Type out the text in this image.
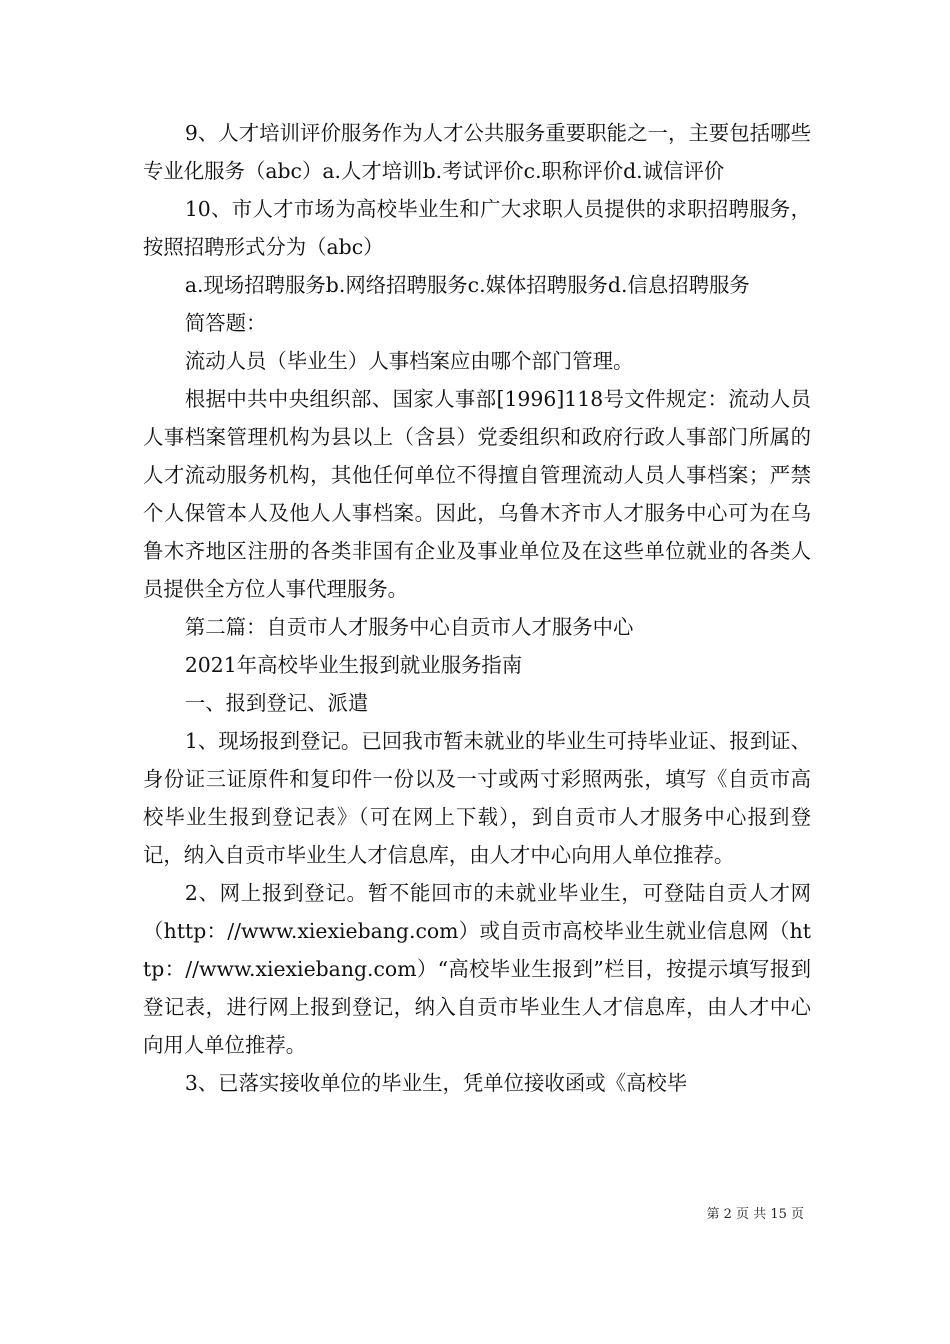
9、人才培训评价服务作为人才公共服务重要职能之一，主要包括哪些专业化服务（abc）a.人才培训b.考试评价c.职称评价d.诚信评价

10、市人才市场为高校毕业生和广大求职人员提供的求职招聘服务，按照招聘形式分为（abc）

a.现场招聘服务b.网络招聘服务c.媒体招聘服务d.信息招聘服务

简答题：

流动人员（毕业生）人事档案应由哪个部门管理。

根据中共中央组织部、国家人事部[1996]118号文件规定：流动人员人事档案管理机构为县以上（含县）党委组织和政府行政人事部门所属的人才流动服务机构，其他任何单位不得擅自管理流动人员人事档案；严禁个人保管本人及他人人事档案。因此，乌鲁木齐市人才服务中心可为在乌鲁木齐地区注册的各类非国有企业及事业单位及在这些单位就业的各类人员提供全方位人事代理服务。

第二篇：自贡市人才服务中心自贡市人才服务中心

2021年高校毕业生报到就业服务指南

一、报到登记、派遣

1、现场报到登记。已回我市暂未就业的毕业生可持毕业证、报到证、身份证三证原件和复印件一份以及一寸或两寸彩照两张，填写《自贡市高校毕业生报到登记表》（可在网上下载），到自贡市人才服务中心报到登记，纳入自贡市毕业生人才信息库，由人才中心向用人单位推荐。

2、网上报到登记。暂不能回市的未就业毕业生，可登陆自贡人才网（http：//www.xiexiebang.com）或自贡市高校毕业生就业信息网（http：//www.xiexiebang.com）“高校毕业生报到”栏目，按提示填写报到登记表，进行网上报到登记，纳入自贡市毕业生人才信息库，由人才中心向用人单位推荐。

3、已落实接收单位的毕业生，凭单位接收函或《高校毕

第 2 页 共 15 页
